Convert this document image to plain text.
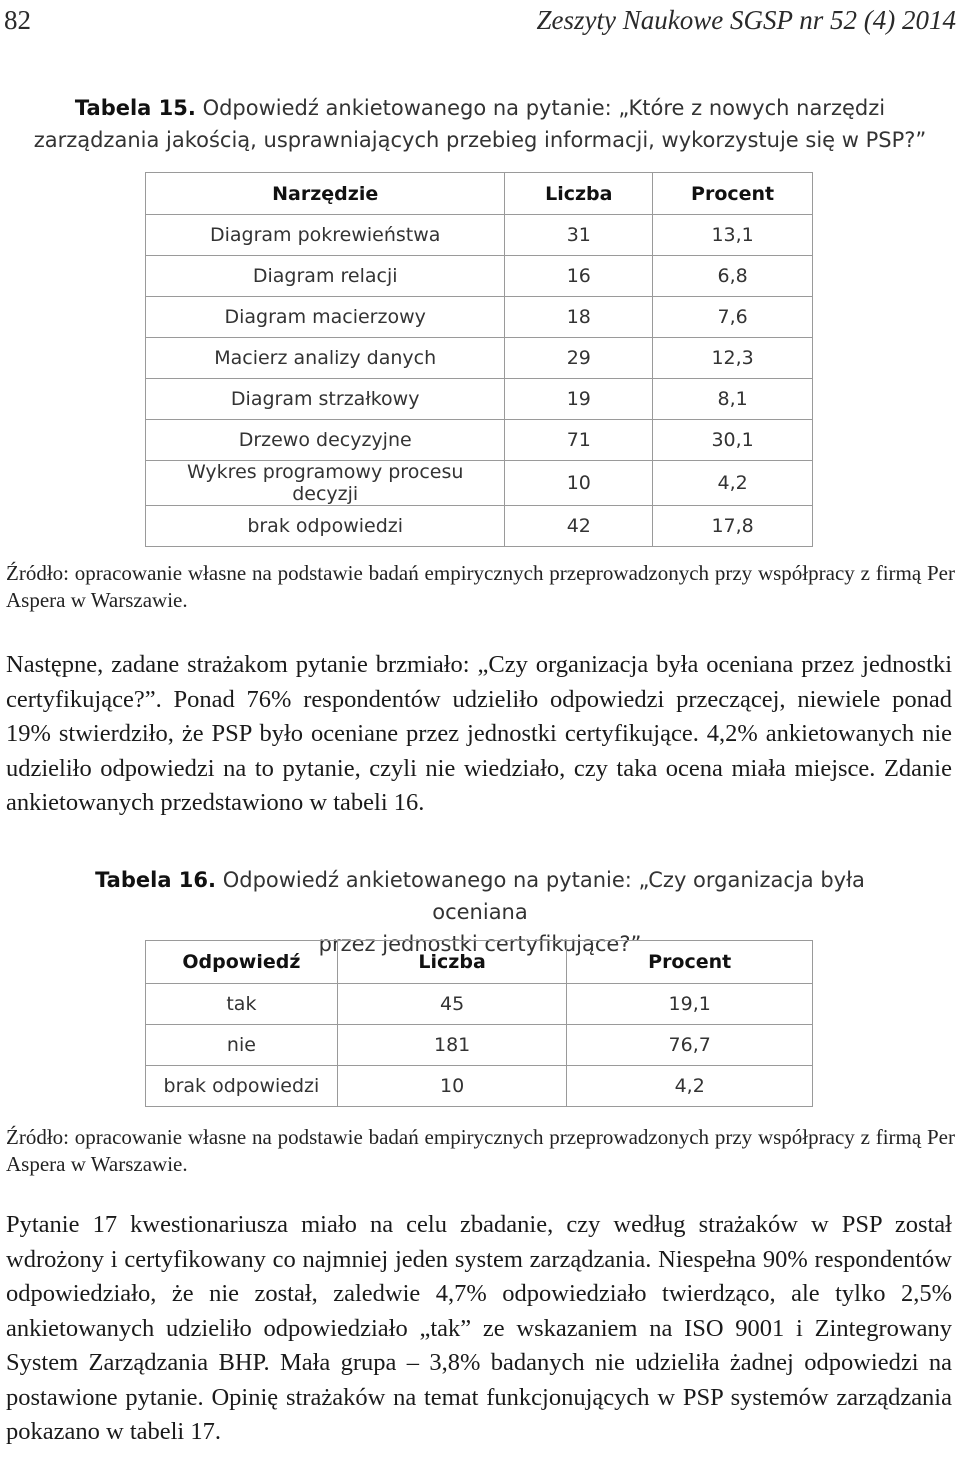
82	Zeszyty Naukowe SGSP nr 52 (4) 2014
Tabela 15. Odpowiedź ankietowanego na pytanie: „Które z nowych narzędzi zarządzania jakością, usprawniających przebieg informacji, wykorzystuje się w PSP?”
Narzędzie	Liczba	Procent
Diagram pokrewieństwa	31	13,1
Diagram relacji	16	6,8
Diagram macierzowy	18	7,6
Macierz analizy danych	29	12,3
Diagram strzałkowy	19	8,1
Drzewo decyzyjne	71	30,1
Wykres programowy procesu decyzji	10	4,2
brak odpowiedzi	42	17,8
Źródło: opracowanie własne na podstawie badań empirycznych przeprowadzonych przy współpracy z firmą Per Aspera w Warszawie.
Następne, zadane strażakom pytanie brzmiało: „Czy organizacja była oceniana przez jednostki certyfikujące?”. Ponad 76% respondentów udzieliło odpowiedzi przeczącej, niewiele ponad 19% stwierdziło, że PSP było oceniane przez jednostki certyfikujące. 4,2% ankietowanych nie udzieliło odpowiedzi na to pytanie, czyli nie wiedziało, czy taka ocena miała miejsce. Zdanie ankietowanych przedstawiono w tabeli 16.
Tabela 16. Odpowiedź ankietowanego na pytanie: „Czy organizacja była oceniana
przez jednostki certyfikujące?”
Odpowiedź	Liczba	Procent
tak	45	19,1
nie	181	76,7
brak odpowiedzi	10	4,2
Źródło: opracowanie własne na podstawie badań empirycznych przeprowadzonych przy współpracy z firmą Per Aspera w Warszawie.
Pytanie 17 kwestionariusza miało na celu zbadanie, czy według strażaków w PSP został wdrożony i certyfikowany co najmniej jeden system zarządzania. Niespełna 90% respondentów odpowiedziało, że nie został, zaledwie 4,7% odpowiedziało twierdząco, ale tylko 2,5% ankietowanych udzieliło odpowiedziało „tak” ze wskazaniem na ISO 9001 i Zintegrowany System Zarządzania BHP. Mała grupa – 3,8% badanych nie udzieliła żadnej odpowiedzi na postawione pytanie. Opinię strażaków na temat funkcjonujących w PSP systemów zarządzania pokazano w tabeli 17.
